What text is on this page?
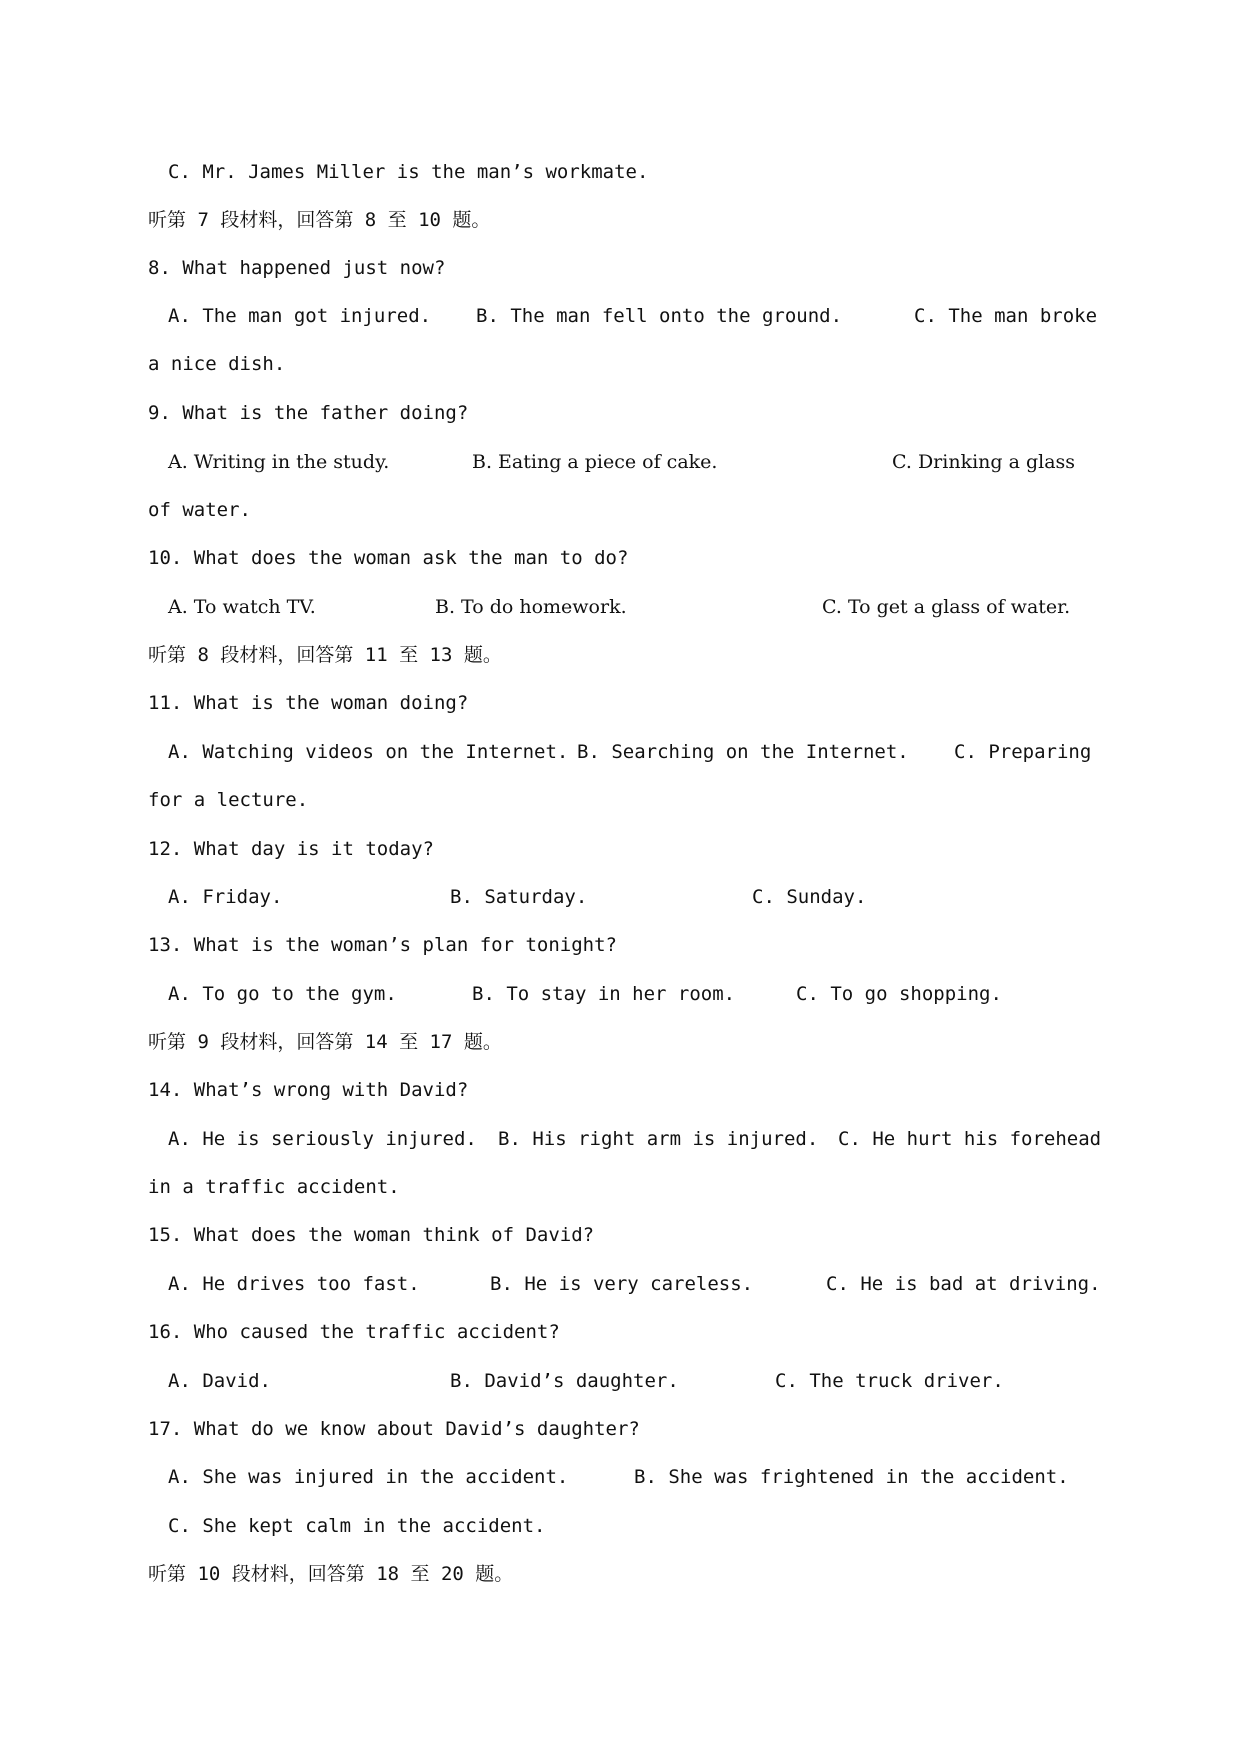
C. Mr. James Miller is the man’s workmate.
听第 7 段材料，回答第 8 至 10 题。
8. What happened just now?
A. The man got injured. B. The man fell onto the ground.	C. The man broke
a nice dish.
9. What is the father doing?
A. Writing in the study.	B. Eating a piece of cake.	C. Drinking a glass
of water.
10. What does the woman ask the man to do?
A. To watch TV.	B. To do homework.	C. To get a glass of water.
听第 8 段材料，回答第 11 至 13 题。
11. What is the woman doing?
A. Watching videos on the Internet. B. Searching on the Internet. C. Preparing
for a lecture.
12. What day is it today?
A. Friday.	B. Saturday.	C. Sunday.
13. What is the woman’s plan for tonight?
A. To go to the gym.	B. To stay in her room.	C. To go shopping.
听第 9 段材料，回答第 14 至 17 题。
14. What’s wrong with David?
A. He is seriously injured. B. His right arm is injured. C. He hurt his forehead
in a traffic accident.
15. What does the woman think of David?
A. He drives too fast.	B. He is very careless.	C. He is bad at driving.
16. Who caused the traffic accident?
A. David.	B. David’s daughter.	C. The truck driver.
17. What do we know about David’s daughter?
A. She was injured in the accident.	B. She was frightened in the accident.
C. She kept calm in the accident.
听第 10 段材料，回答第 18 至 20 题。
